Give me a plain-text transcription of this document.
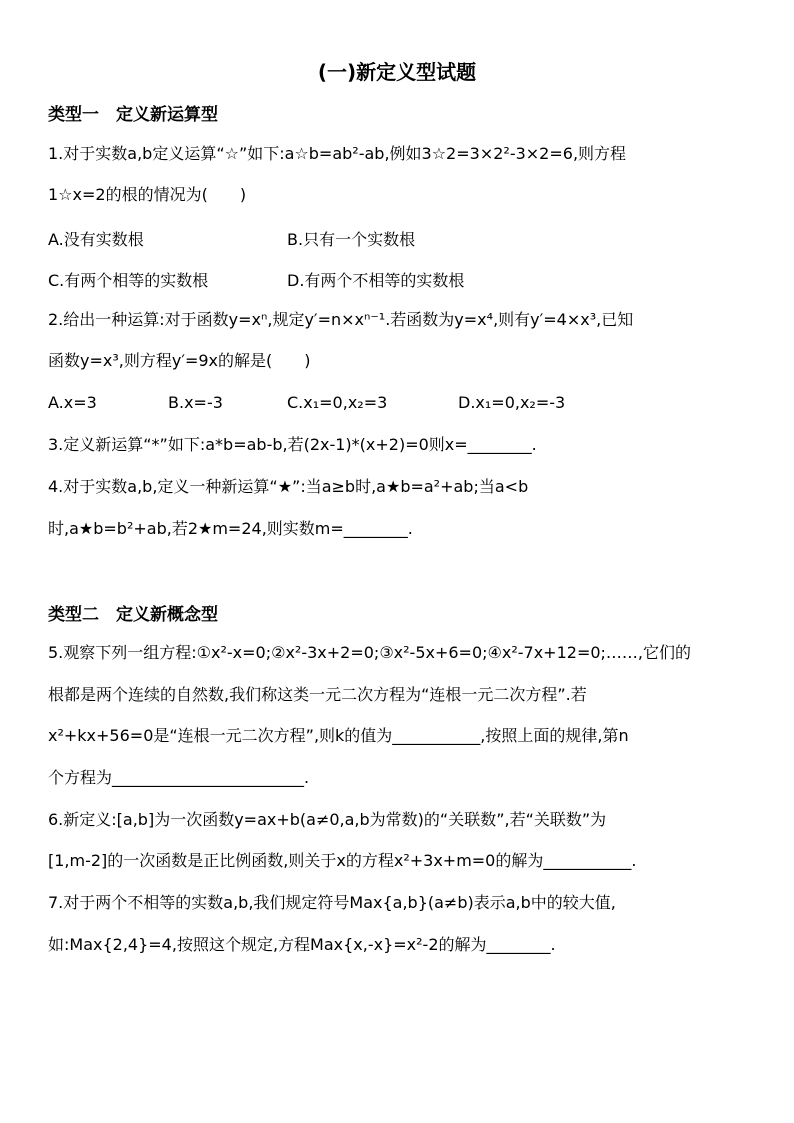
(一)新定义型试题
类型一　定义新运算型
1.对于实数a,b定义运算“☆”如下:a☆b=ab²-ab,例如3☆2=3×2²-3×2=6,则方程
1☆x=2的根的情况为(　　)
A.没有实数根	B.只有一个实数根
C.有两个相等的实数根	D.有两个不相等的实数根
2.给出一种运算:对于函数y=xⁿ,规定y′=n×xⁿ⁻¹.若函数为y=x⁴,则有y′=4×x³,已知
函数y=x³,则方程y′=9x的解是(　　)
A.x=3	B.x=-3	C.x₁=0,x₂=3	D.x₁=0,x₂=-3
3.定义新运算“*”如下:a*b=ab-b,若(2x-1)*(x+2)=0则x=________.
4.对于实数a,b,定义一种新运算“★”:当a≥b时,a★b=a²+ab;当a<b
时,a★b=b²+ab,若2★m=24,则实数m=________.
类型二　定义新概念型
5.观察下列一组方程:①x²-x=0;②x²-3x+2=0;③x²-5x+6=0;④x²-7x+12=0;……,它们的
根都是两个连续的自然数,我们称这类一元二次方程为“连根一元二次方程”.若
x²+kx+56=0是“连根一元二次方程”,则k的值为___________,按照上面的规律,第n
个方程为________________________.
6.新定义:[a,b]为一次函数y=ax+b(a≠0,a,b为常数)的“关联数”,若“关联数”为
[1,m-2]的一次函数是正比例函数,则关于x的方程x²+3x+m=0的解为___________.
7.对于两个不相等的实数a,b,我们规定符号Max{a,b}(a≠b)表示a,b中的较大值,
如:Max{2,4}=4,按照这个规定,方程Max{x,-x}=x²-2的解为________.
